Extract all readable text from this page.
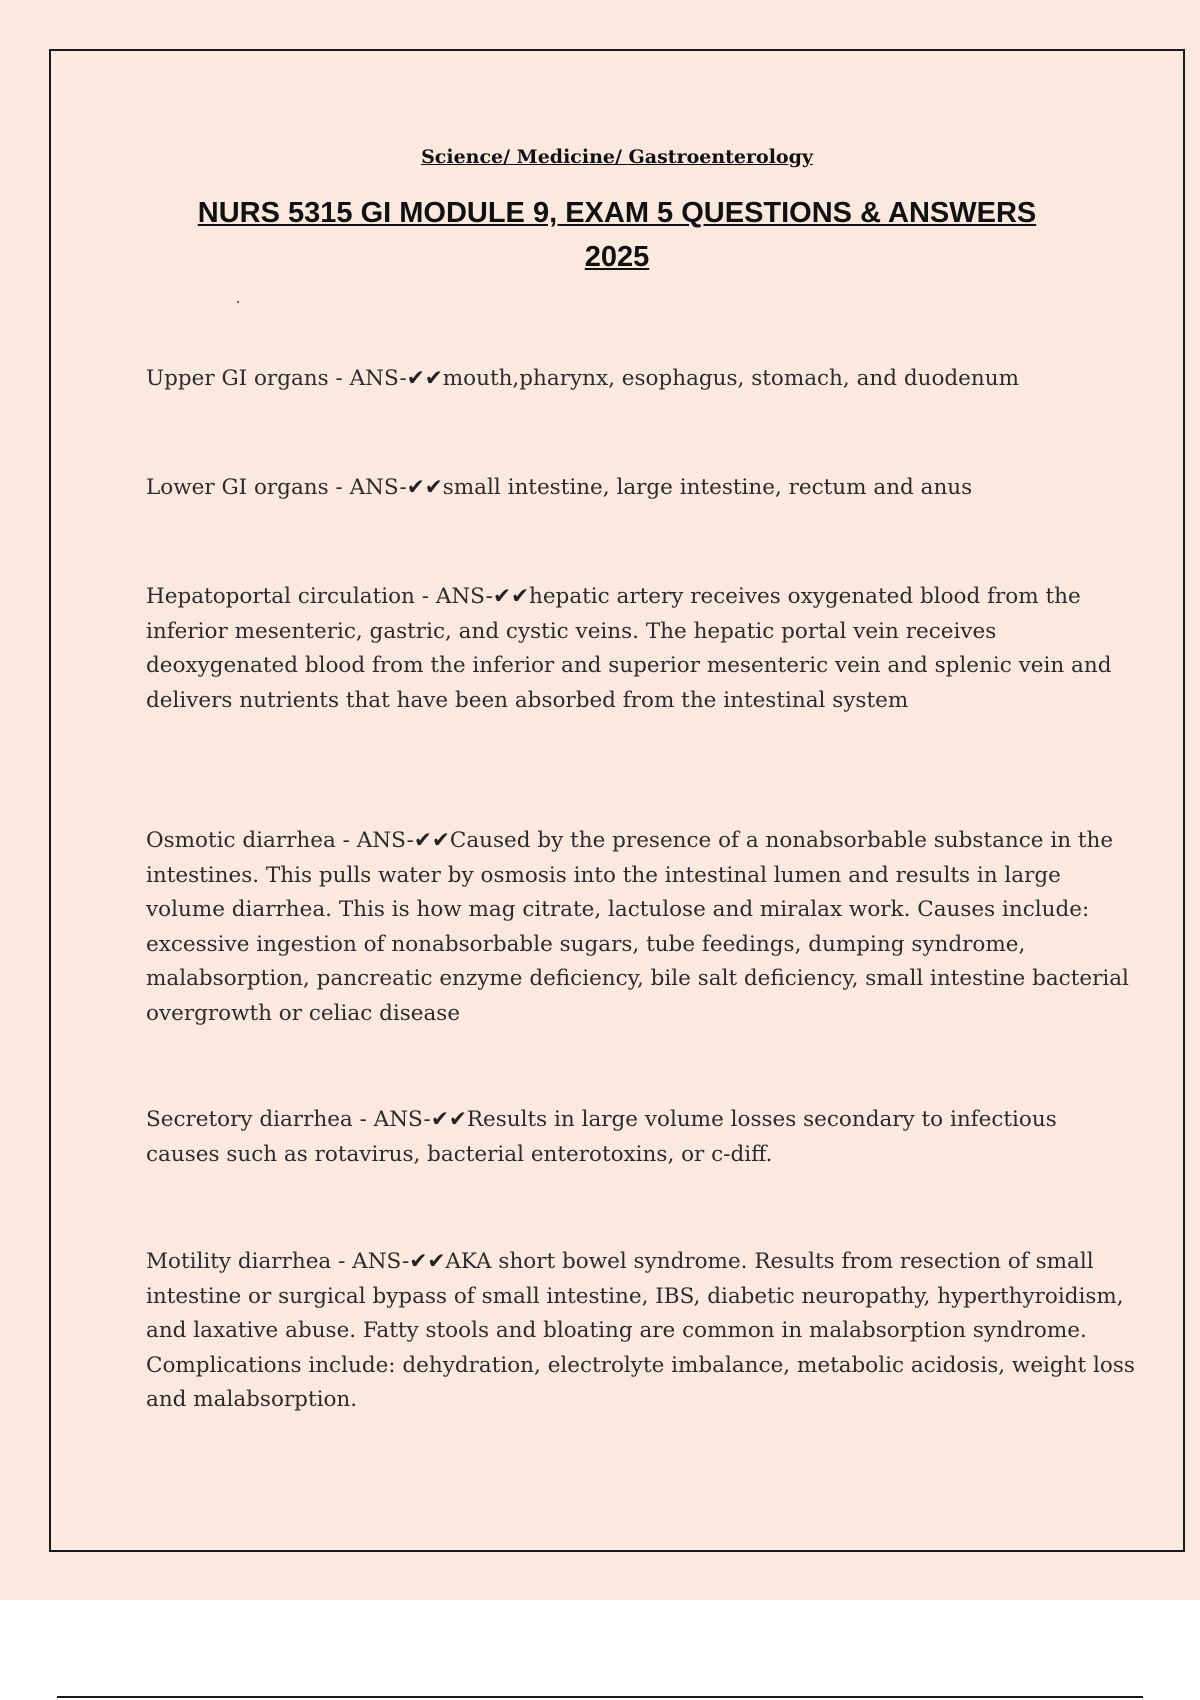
Science/ Medicine/ Gastroenterology
NURS 5315 GI MODULE 9, EXAM 5 QUESTIONS & ANSWERS 2025
Upper GI organs - ANS-✔✔mouth,pharynx, esophagus, stomach, and duodenum
Lower GI organs - ANS-✔✔small intestine, large intestine, rectum and anus
Hepatoportal circulation - ANS-✔✔hepatic artery receives oxygenated blood from the inferior mesenteric, gastric, and cystic veins. The hepatic portal vein receives deoxygenated blood from the inferior and superior mesenteric vein and splenic vein and delivers nutrients that have been absorbed from the intestinal system
Osmotic diarrhea - ANS-✔✔Caused by the presence of a nonabsorbable substance in the intestines. This pulls water by osmosis into the intestinal lumen and results in large volume diarrhea. This is how mag citrate, lactulose and miralax work. Causes include: excessive ingestion of nonabsorbable sugars, tube feedings, dumping syndrome, malabsorption, pancreatic enzyme deficiency, bile salt deficiency, small intestine bacterial overgrowth or celiac disease
Secretory diarrhea - ANS-✔✔Results in large volume losses secondary to infectious causes such as rotavirus, bacterial enterotoxins, or c-diff.
Motility diarrhea - ANS-✔✔AKA short bowel syndrome. Results from resection of small intestine or surgical bypass of small intestine, IBS, diabetic neuropathy, hyperthyroidism, and laxative abuse. Fatty stools and bloating are common in malabsorption syndrome. Complications include: dehydration, electrolyte imbalance, metabolic acidosis, weight loss and malabsorption.
